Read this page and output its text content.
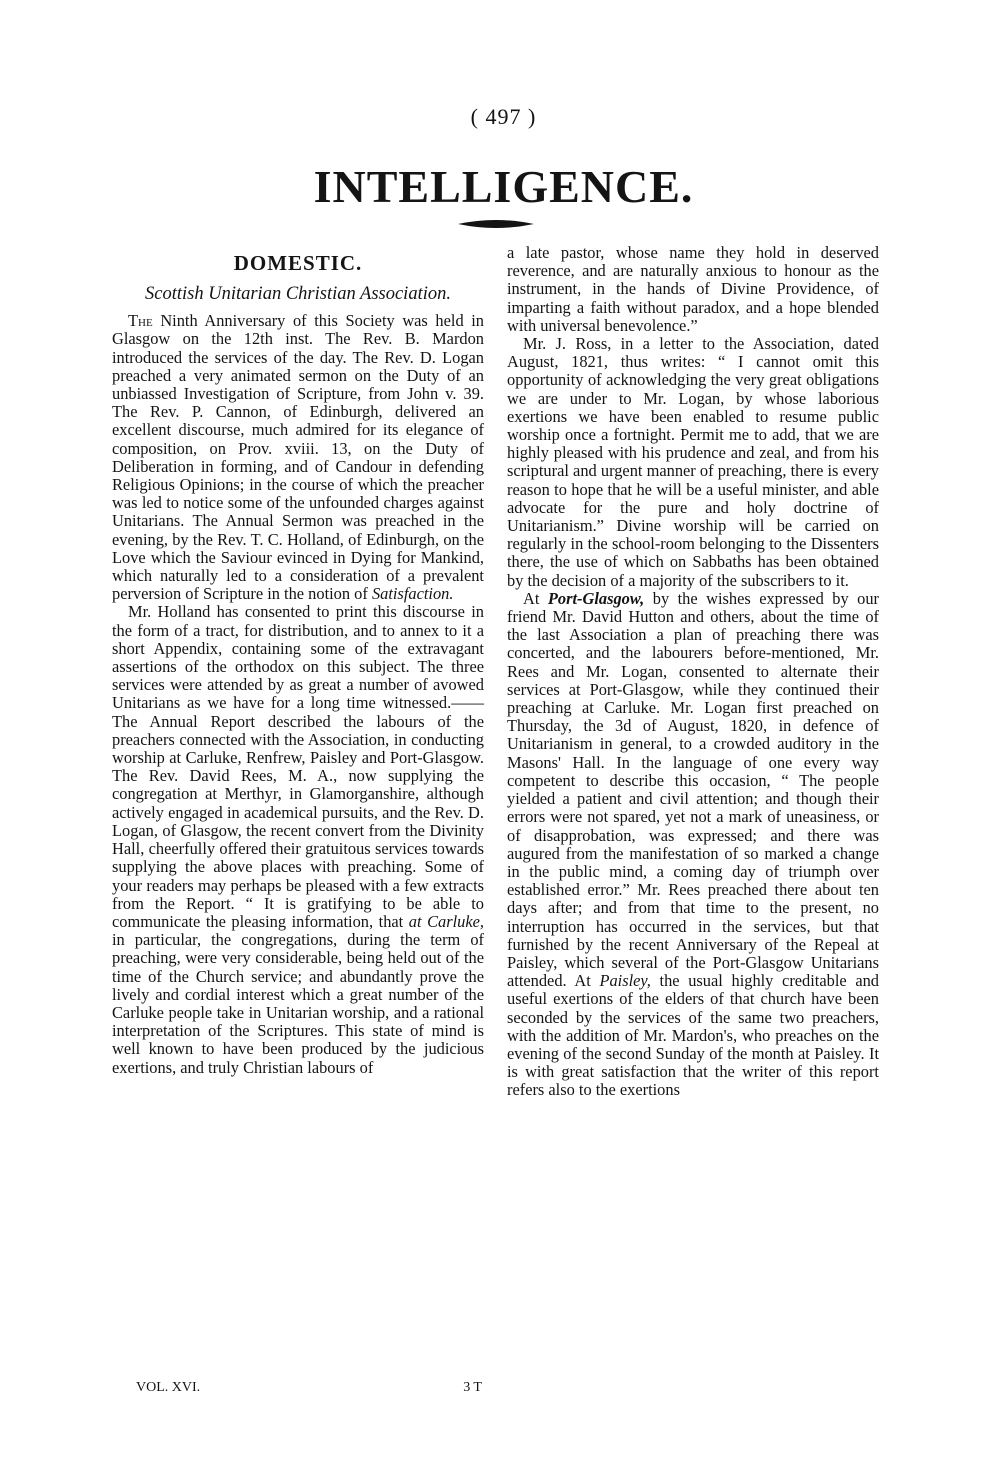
( 497 )
INTELLIGENCE.
DOMESTIC.
Scottish Unitarian Christian Association.

The Ninth Anniversary of this Society was held in Glasgow on the 12th inst. The Rev. B. Mardon introduced the services of the day. The Rev. D. Logan preached a very animated sermon on the Duty of an unbiassed Investigation of Scripture, from John v. 39. The Rev. P. Cannon, of Edinburgh, delivered an excellent discourse, much admired for its elegance of composition, on Prov. xviii. 13, on the Duty of Deliberation in forming, and of Candour in defending Religious Opinions; in the course of which the preacher was led to notice some of the unfounded charges against Unitarians. The Annual Sermon was preached in the evening, by the Rev. T. C. Holland, of Edinburgh, on the Love which the Saviour evinced in Dying for Mankind, which naturally led to a consideration of a prevalent perversion of Scripture in the notion of Satisfaction.

Mr. Holland has consented to print this discourse in the form of a tract, for distribution, and to annex to it a short Appendix, containing some of the extravagant assertions of the orthodox on this subject. The three services were attended by as great a number of avowed Unitarians as we have for a long time witnessed.——The Annual Report described the labours of the preachers connected with the Association, in conducting worship at Carluke, Renfrew, Paisley and Port-Glasgow. The Rev. David Rees, M. A., now supplying the congregation at Merthyr, in Glamorganshire, although actively engaged in academical pursuits, and the Rev. D. Logan, of Glasgow, the recent convert from the Divinity Hall, cheerfully offered their gratuitous services towards supplying the above places with preaching. Some of your readers may perhaps be pleased with a few extracts from the Report. “ It is gratifying to be able to communicate the pleasing information, that at Carluke, in particular, the congregations, during the term of preaching, were very considerable, being held out of the time of the Church service; and abundantly prove the lively and cordial interest which a great number of the Carluke people take in Unitarian worship, and a rational interpretation of the Scriptures. This state of mind is well known to have been produced by the judicious exertions, and truly Christian labours of

a late pastor, whose name they hold in deserved reverence, and are naturally anxious to honour as the instrument, in the hands of Divine Providence, of imparting a faith without paradox, and a hope blended with universal benevolence.”

Mr. J. Ross, in a letter to the Association, dated August, 1821, thus writes: “ I cannot omit this opportunity of acknowledging the very great obligations we are under to Mr. Logan, by whose laborious exertions we have been enabled to resume public worship once a fortnight. Permit me to add, that we are highly pleased with his prudence and zeal, and from his scriptural and urgent manner of preaching, there is every reason to hope that he will be a useful minister, and able advocate for the pure and holy doctrine of Unitarianism.” Divine worship will be carried on regularly in the school-room belonging to the Dissenters there, the use of which on Sabbaths has been obtained by the decision of a majority of the subscribers to it.

At Port-Glasgow, by the wishes expressed by our friend Mr. David Hutton and others, about the time of the last Association a plan of preaching there was concerted, and the labourers before-mentioned, Mr. Rees and Mr. Logan, consented to alternate their services at Port-Glasgow, while they continued their preaching at Carluke. Mr. Logan first preached on Thursday, the 3d of August, 1820, in defence of Unitarianism in general, to a crowded auditory in the Masons' Hall. In the language of one every way competent to describe this occasion, “ The people yielded a patient and civil attention; and though their errors were not spared, yet not a mark of uneasiness, or of disapprobation, was expressed; and there was augured from the manifestation of so marked a change in the public mind, a coming day of triumph over established error.” Mr. Rees preached there about ten days after; and from that time to the present, no interruption has occurred in the services, but that furnished by the recent Anniversary of the Repeal at Paisley, which several of the Port-Glasgow Unitarians attended. At Paisley, the usual highly creditable and useful exertions of the elders of that church have been seconded by the services of the same two preachers, with the addition of Mr. Mardon's, who preaches on the evening of the second Sunday of the month at Paisley. It is with great satisfaction that the writer of this report refers also to the exertions

VOL. XVI.	3 T
